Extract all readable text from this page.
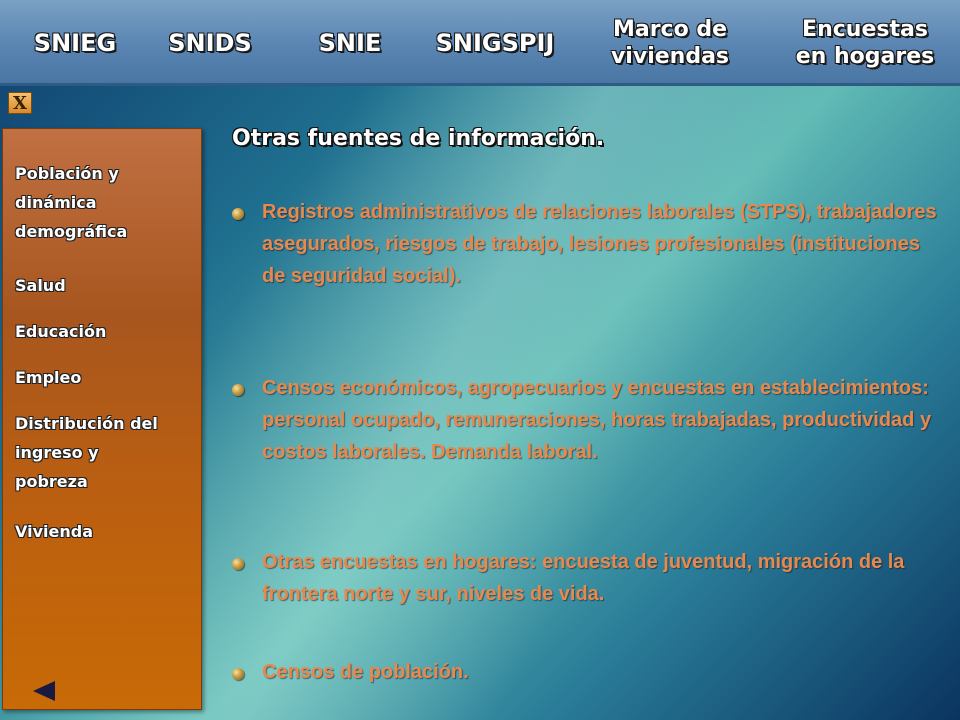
SNIEG SNIDS	SNIE SNIGSPIJ	Marco de
viviendas
Encuestas
en hogares
X
Población y
dinámica
demográfica
Salud
Educación
Empleo
Distribución del
ingreso y
pobreza
Vivienda
Otras fuentes de información.
Registros administrativos de relaciones laborales (STPS), trabajadores asegurados, riesgos de trabajo, lesiones profesionales (instituciones de seguridad social).
Censos económicos, agropecuarios y encuestas en establecimientos: personal ocupado, remuneraciones, horas trabajadas, productividad y costos laborales. Demanda laboral.
Otras encuestas en hogares: encuesta de juventud, migración de la frontera norte y sur, niveles de vida.
Censos de población.
